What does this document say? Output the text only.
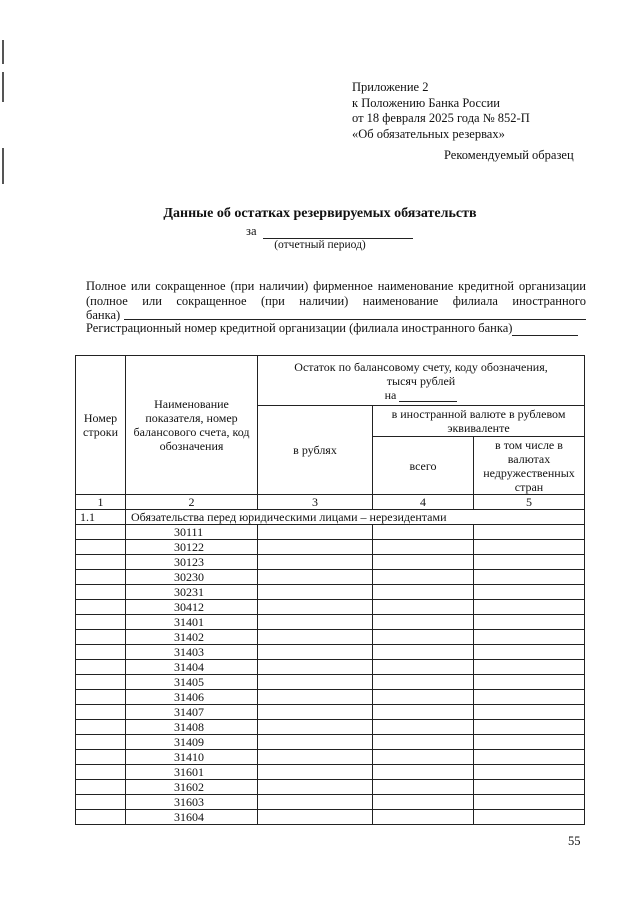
Приложение 2
к Положению Банка России
от 18 февраля 2025 года № 852-П
«Об обязательных резервах»
Рекомендуемый образец
Данные об остатках резервируемых обязательств
за
(отчетный период)
Полное или сокращенное (при наличии) фирменное наименование кредитной организации (полное или сокращенное (при наличии) наименование филиала иностранного
банка)
Регистрационный номер кредитной организации (филиала иностранного банка)
Номер строки	Наименование показателя, номер балансового счета, код обозначения	Остаток по балансовому счету, коду обозначения, тысяч рублей
на		

		в рублях	в иностранной валюте в рублевом эквиваленте	
			всего	в том числе в валютах недружественных стран
1	2	3	4	5
1.1	Обязательства перед юридическими лицами – нерезидентами			
	30111			
	30122			
	30123			
	30230			
	30231			
	30412			
	31401			
	31402			
	31403			
	31404			
	31405			
	31406			
	31407			
	31408			
	31409			
	31410			
	31601			
	31602			
	31603			
	31604			
55
